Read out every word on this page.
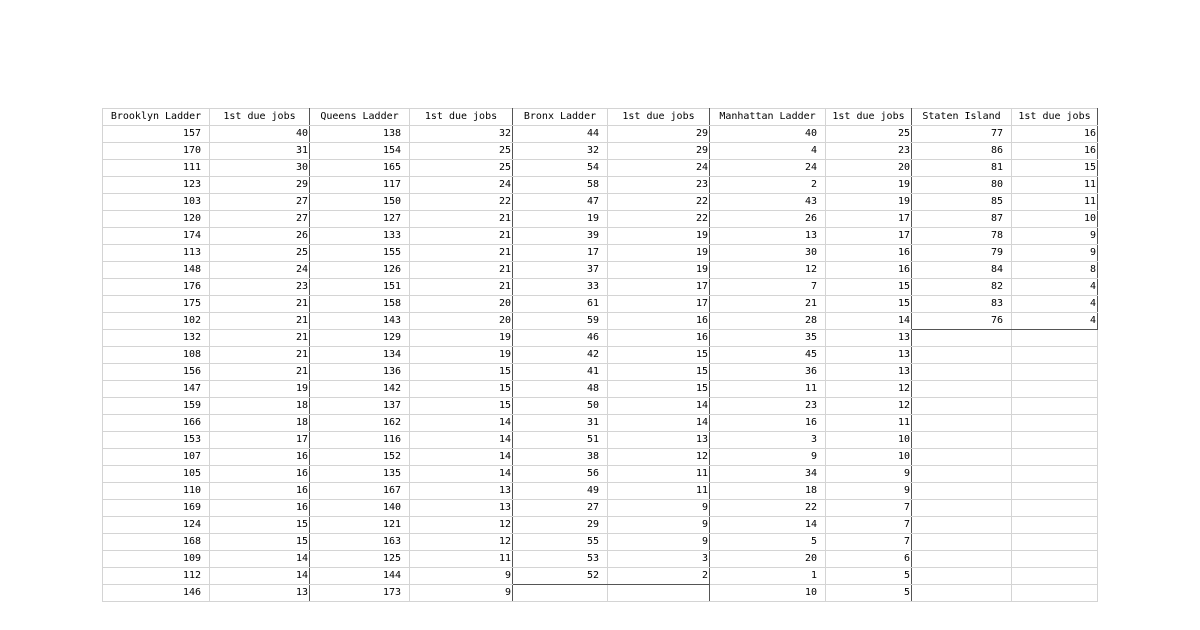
Brooklyn Ladder	1st due jobs	Queens Ladder	1st due jobs	Bronx Ladder	1st due jobs	Manhattan Ladder	1st due jobs	Staten Island	1st due jobs
157	40	138	32	44	29	40	25	77	16
170	31	154	25	32	29	4	23	86	16
111	30	165	25	54	24	24	20	81	15
123	29	117	24	58	23	2	19	80	11
103	27	150	22	47	22	43	19	85	11
120	27	127	21	19	22	26	17	87	10
174	26	133	21	39	19	13	17	78	9
113	25	155	21	17	19	30	16	79	9
148	24	126	21	37	19	12	16	84	8
176	23	151	21	33	17	7	15	82	4
175	21	158	20	61	17	21	15	83	4
102	21	143	20	59	16	28	14	76	4
132	21	129	19	46	16	35	13		
108	21	134	19	42	15	45	13		
156	21	136	15	41	15	36	13		
147	19	142	15	48	15	11	12		
159	18	137	15	50	14	23	12		
166	18	162	14	31	14	16	11		
153	17	116	14	51	13	3	10		
107	16	152	14	38	12	9	10		
105	16	135	14	56	11	34	9		
110	16	167	13	49	11	18	9		
169	16	140	13	27	9	22	7		
124	15	121	12	29	9	14	7		
168	15	163	12	55	9	5	7		
109	14	125	11	53	3	20	6		
112	14	144	9	52	2	1	5		
146	13	173	9			10	5		
